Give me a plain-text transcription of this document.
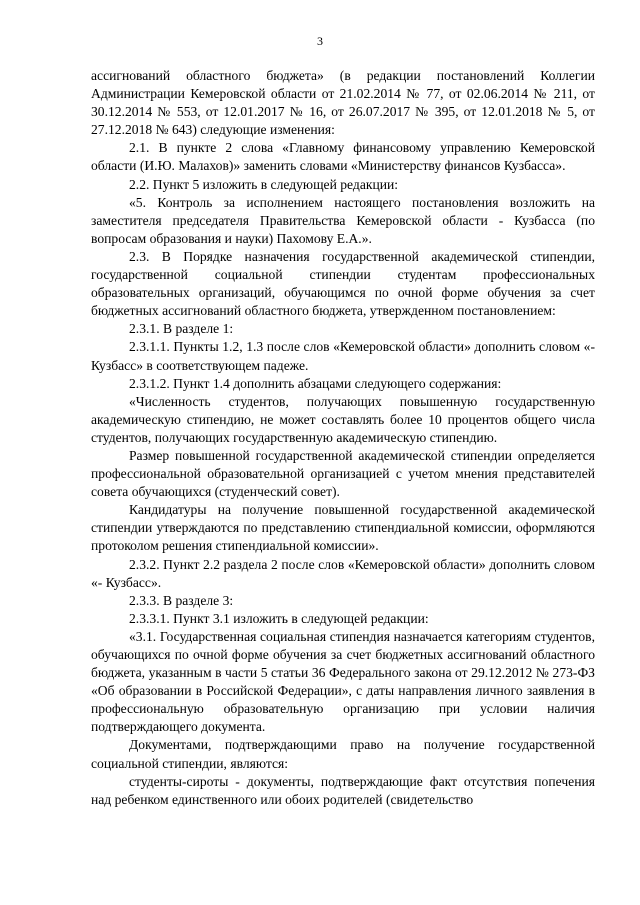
3

ассигнований областного бюджета» (в редакции постановлений Коллегии Администрации Кемеровской области от 21.02.2014 № 77, от 02.06.2014 № 211, от 30.12.2014 № 553, от 12.01.2017 № 16, от 26.07.2017 № 395, от 12.01.2018 № 5, от 27.12.2018 № 643) следующие изменения:

2.1. В пункте 2 слова «Главному финансовому управлению Кемеровской области (И.Ю. Малахов)» заменить словами «Министерству финансов Кузбасса».

2.2. Пункт 5 изложить в следующей редакции:

«5. Контроль за исполнением настоящего постановления возложить на заместителя председателя Правительства Кемеровской области - Кузбасса (по вопросам образования и науки) Пахомову Е.А.».

2.3. В Порядке назначения государственной академической стипендии, государственной социальной стипендии студентам профессиональных образовательных организаций, обучающимся по очной форме обучения за счет бюджетных ассигнований областного бюджета, утвержденном постановлением:

2.3.1. В разделе 1:

2.3.1.1. Пункты 1.2, 1.3 после слов «Кемеровской области» дополнить словом «- Кузбасс» в соответствующем падеже.

2.3.1.2. Пункт 1.4 дополнить абзацами следующего содержания:

«Численность студентов, получающих повышенную государственную академическую стипендию, не может составлять более 10 процентов общего числа студентов, получающих государственную академическую стипендию.

Размер повышенной государственной академической стипендии определяется профессиональной образовательной организацией с учетом мнения представителей совета обучающихся (студенческий совет).

Кандидатуры на получение повышенной государственной академической стипендии утверждаются по представлению стипендиальной комиссии, оформляются протоколом решения стипендиальной комиссии».

2.3.2. Пункт 2.2 раздела 2 после слов «Кемеровской области» дополнить словом «- Кузбасс».

2.3.3. В разделе 3:

2.3.3.1. Пункт 3.1 изложить в следующей редакции:

«3.1. Государственная социальная стипендия назначается категориям студентов, обучающихся по очной форме обучения за счет бюджетных ассигнований областного бюджета, указанным в части 5 статьи 36 Федерального закона от 29.12.2012 № 273-ФЗ «Об образовании в Российской Федерации», с даты направления личного заявления в профессиональную образовательную организацию при условии наличия подтверждающего документа.

Документами, подтверждающими право на получение государственной социальной стипендии, являются:

студенты-сироты - документы, подтверждающие факт отсутствия попечения над ребенком единственного или обоих родителей (свидетельство
